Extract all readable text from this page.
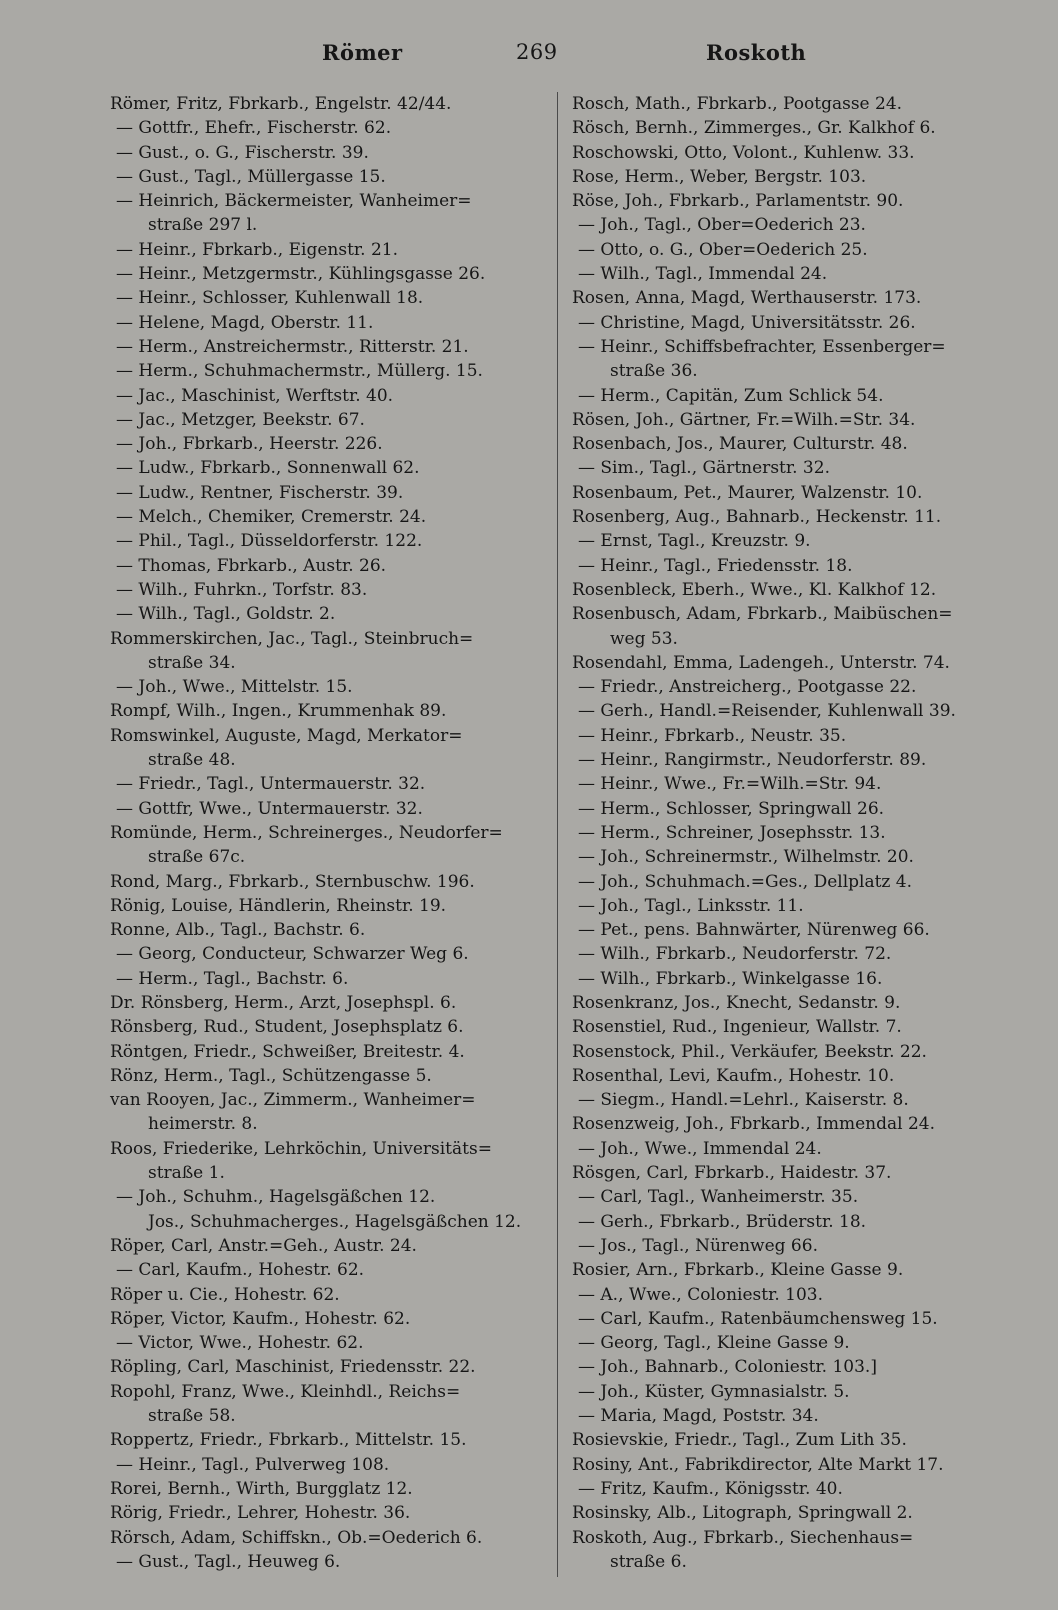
Römer	269	Roskoth
Römer, Fritz, Fbrkarb., Engelstr. 42/44.
— Gottfr., Ehefr., Fischerstr. 62.
— Gust., o. G., Fischerstr. 39.
— Gust., Tagl., Müllergasse 15.
— Heinrich, Bäckermeister, Wanheimer=
straße 297 l.
— Heinr., Fbrkarb., Eigenstr. 21.
— Heinr., Metzgermstr., Kühlingsgasse 26.
— Heinr., Schlosser, Kuhlenwall 18.
— Helene, Magd, Oberstr. 11.
— Herm., Anstreichermstr., Ritterstr. 21.
— Herm., Schuhmachermstr., Müllerg. 15.
— Jac., Maschinist, Werftstr. 40.
— Jac., Metzger, Beekstr. 67.
— Joh., Fbrkarb., Heerstr. 226.
— Ludw., Fbrkarb., Sonnenwall 62.
— Ludw., Rentner, Fischerstr. 39.
— Melch., Chemiker, Cremerstr. 24.
— Phil., Tagl., Düsseldorferstr. 122.
— Thomas, Fbrkarb., Austr. 26.
— Wilh., Fuhrkn., Torfstr. 83.
— Wilh., Tagl., Goldstr. 2.
Rommerskirchen, Jac., Tagl., Steinbruch=
straße 34.
— Joh., Wwe., Mittelstr. 15.
Rompf, Wilh., Ingen., Krummenhak 89.
Romswinkel, Auguste, Magd, Merkator=
straße 48.
— Friedr., Tagl., Untermauerstr. 32.
— Gottfr, Wwe., Untermauerstr. 32.
Romünde, Herm., Schreinerges., Neudorfer=
straße 67c.
Rond, Marg., Fbrkarb., Sternbuschw. 196.
Rönig, Louise, Händlerin, Rheinstr. 19.
Ronne, Alb., Tagl., Bachstr. 6.
— Georg, Conducteur, Schwarzer Weg 6.
— Herm., Tagl., Bachstr. 6.
Dr. Rönsberg, Herm., Arzt, Josephspl. 6.
Rönsberg, Rud., Student, Josephsplatz 6.
Röntgen, Friedr., Schweißer, Breitestr. 4.
Rönz, Herm., Tagl., Schützengasse 5.
van Rooyen, Jac., Zimmerm., Wanheimer=
heimerstr. 8.
Roos, Friederike, Lehrköchin, Universitäts=
straße 1.
— Joh., Schuhm., Hagelsgäßchen 12.
Jos., Schuhmacherges., Hagelsgäßchen 12.
Röper, Carl, Anstr.=Geh., Austr. 24.
— Carl, Kaufm., Hohestr. 62.
Röper u. Cie., Hohestr. 62.
Röper, Victor, Kaufm., Hohestr. 62.
— Victor, Wwe., Hohestr. 62.
Röpling, Carl, Maschinist, Friedensstr. 22.
Ropohl, Franz, Wwe., Kleinhdl., Reichs=
straße 58.
Roppertz, Friedr., Fbrkarb., Mittelstr. 15.
— Heinr., Tagl., Pulverweg 108.
Rorei, Bernh., Wirth, Burgglatz 12.
Rörig, Friedr., Lehrer, Hohestr. 36.
Rörsch, Adam, Schiffskn., Ob.=Oederich 6.
— Gust., Tagl., Heuweg 6.
Rosch, Math., Fbrkarb., Pootgasse 24.
Rösch, Bernh., Zimmerges., Gr. Kalkhof 6.
Roschowski, Otto, Volont., Kuhlenw. 33.
Rose, Herm., Weber, Bergstr. 103.
Röse, Joh., Fbrkarb., Parlamentstr. 90.
— Joh., Tagl., Ober=Oederich 23.
— Otto, o. G., Ober=Oederich 25.
— Wilh., Tagl., Immendal 24.
Rosen, Anna, Magd, Werthauserstr. 173.
— Christine, Magd, Universitätsstr. 26.
— Heinr., Schiffsbefrachter, Essenberger=
straße 36.
— Herm., Capitän, Zum Schlick 54.
Rösen, Joh., Gärtner, Fr.=Wilh.=Str. 34.
Rosenbach, Jos., Maurer, Culturstr. 48.
— Sim., Tagl., Gärtnerstr. 32.
Rosenbaum, Pet., Maurer, Walzenstr. 10.
Rosenberg, Aug., Bahnarb., Heckenstr. 11.
— Ernst, Tagl., Kreuzstr. 9.
— Heinr., Tagl., Friedensstr. 18.
Rosenbleck, Eberh., Wwe., Kl. Kalkhof 12.
Rosenbusch, Adam, Fbrkarb., Maibüschen=
weg 53.
Rosendahl, Emma, Ladengeh., Unterstr. 74.
— Friedr., Anstreicherg., Pootgasse 22.
— Gerh., Handl.=Reisender, Kuhlenwall 39.
— Heinr., Fbrkarb., Neustr. 35.
— Heinr., Rangirmstr., Neudorferstr. 89.
— Heinr., Wwe., Fr.=Wilh.=Str. 94.
— Herm., Schlosser, Springwall 26.
— Herm., Schreiner, Josephsstr. 13.
— Joh., Schreinermstr., Wilhelmstr. 20.
— Joh., Schuhmach.=Ges., Dellplatz 4.
— Joh., Tagl., Linksstr. 11.
— Pet., pens. Bahnwärter, Nürenweg 66.
— Wilh., Fbrkarb., Neudorferstr. 72.
— Wilh., Fbrkarb., Winkelgasse 16.
Rosenkranz, Jos., Knecht, Sedanstr. 9.
Rosenstiel, Rud., Ingenieur, Wallstr. 7.
Rosenstock, Phil., Verkäufer, Beekstr. 22.
Rosenthal, Levi, Kaufm., Hohestr. 10.
— Siegm., Handl.=Lehrl., Kaiserstr. 8.
Rosenzweig, Joh., Fbrkarb., Immendal 24.
— Joh., Wwe., Immendal 24.
Rösgen, Carl, Fbrkarb., Haidestr. 37.
— Carl, Tagl., Wanheimerstr. 35.
— Gerh., Fbrkarb., Brüderstr. 18.
— Jos., Tagl., Nürenweg 66.
Rosier, Arn., Fbrkarb., Kleine Gasse 9.
— A., Wwe., Coloniestr. 103.
— Carl, Kaufm., Ratenbäumchensweg 15.
— Georg, Tagl., Kleine Gasse 9.
— Joh., Bahnarb., Coloniestr. 103.]
— Joh., Küster, Gymnasialstr. 5.
— Maria, Magd, Poststr. 34.
Rosievskie, Friedr., Tagl., Zum Lith 35.
Rosiny, Ant., Fabrikdirector, Alte Markt 17.
— Fritz, Kaufm., Königsstr. 40.
Rosinsky, Alb., Litograph, Springwall 2.
Roskoth, Aug., Fbrkarb., Siechenhaus=
straße 6.
